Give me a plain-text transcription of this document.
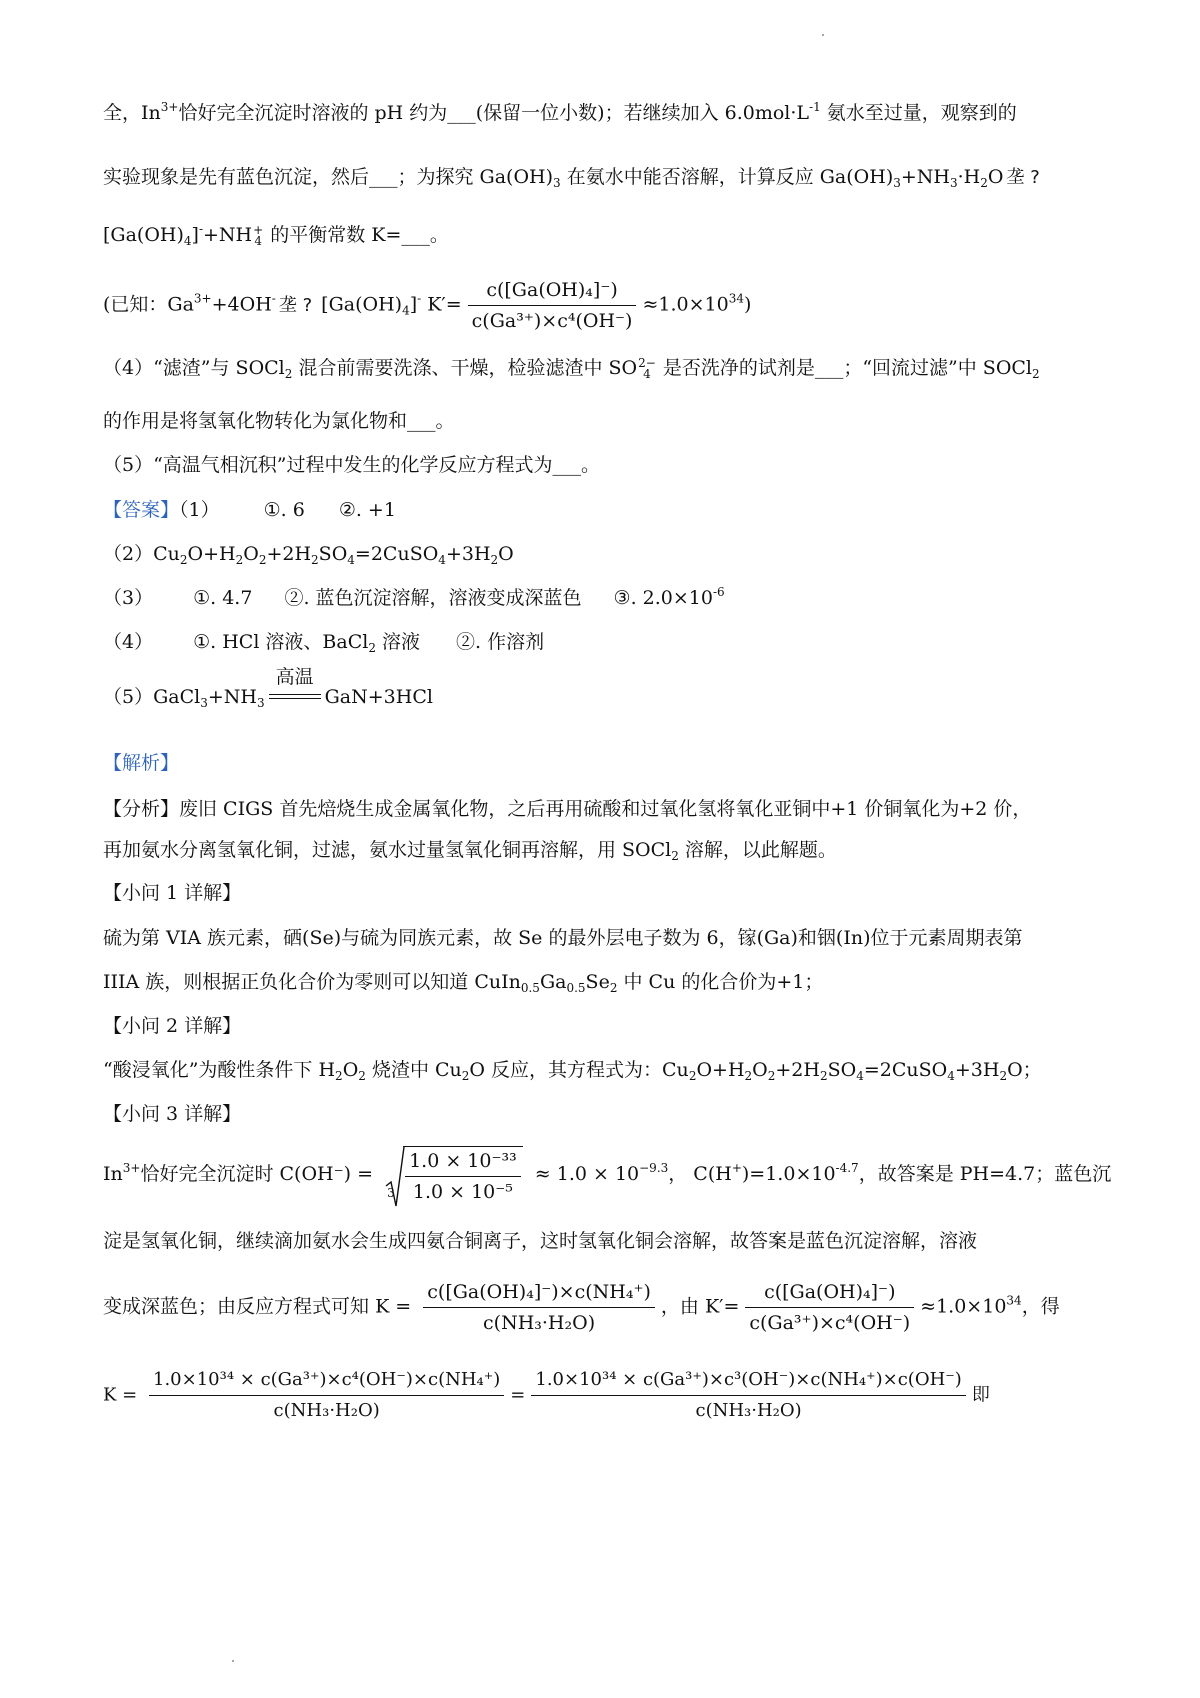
全，$In^{3+}$恰好完全沉淀时溶液的 pH 约为___(保留一位小数)；若继续加入 $6.0mol\cdot L^{-1}$ 氨水至过量，观察到的
实验现象是先有蓝色沉淀，然后___；为探究 $Ga(OH)_3$ 在氨水中能否溶解，计算反应 $Ga(OH)_3+NH_3\cdot H_2O$ 垄 ?
$[Ga(OH)_4]^-+NH$ +
4 的平衡常数 K=___。
(已知：$Ga^{3+}+4OH^-$ 垄 ? $[Ga(OH)_4]^-$ $K'= \frac{\text{c([Ga(OH)₄]⁻)}}{\text{c(Ga³⁺)×c⁴(OH⁻)}} \approx 1.0\times 10^{34}$)
（4）“滤渣”与 SOCl$_2$ 混合前需要洗涤、干燥，检验滤渣中 SO 2−
4 是否洗净的试剂是___；“回流过滤”中 SOCl$_2$
的作用是将氢氧化物转化为氯化物和___。
（5）“高温气相沉积”过程中发生的化学反应方程式为___。
【答案】（1） ①. 6 ②. +1
$(2)Cu_2O+H_2O_2+2H_2SO_4=2CuSO_4+3H_2O$
（3） ①. 4.7 ②. 蓝色沉淀溶解，溶液变成深蓝色 ③. $2.0\times 10^{-6}$
（4） ①. HCl 溶液、BaCl$_2$ 溶液 ②. 作溶剂
$(5)GaCl_3+NH_3$
高温
GaN+3HCl
【解析】
【分析】废旧 CIGS 首先焙烧生成金属氧化物，之后再用硫酸和过氧化氢将氧化亚铜中+1 价铜氧化为+2 价，
再加氨水分离氢氧化铜，过滤，氨水过量氢氧化铜再溶解，用 SOCl$_2$ 溶解，以此解题。
【小问 1 详解】
硫为第 VIA 族元素，硒(Se)与硫为同族元素，故 Se 的最外层电子数为 6，镓(Ga)和铟(In)位于元素周期表第
IIIA 族，则根据正负化合价为零则可以知道 $CuIn_{0.5}Ga_{0.5}Se_2$ 中 Cu 的化合价为+1；
【小问 2 详解】
“酸浸氧化”为酸性条件下 $H_2O_2$ 烧渣中 $Cu_2O$ 反应，其方程式为：$Cu_2O+H_2O_2+2H_2SO_4=2CuSO_4+3H_2O$；
【小问 3 详解】
$In^{3+}$恰好完全沉淀时 C(OH⁻) =
$3 \frac{\text{1.0 × 10⁻³³}}{\text{1.0 × 10⁻⁵}} \approx 1.0 \times 10^{-9.3}$， $C(H^+)=1.0\times 10^{-4.7}$，故答案是 PH=4.7；蓝色沉
淀是氢氧化铜，继续滴加氨水会生成四氨合铜离子，这时氢氧化铜会溶解，故答案是蓝色沉淀溶解，溶液
变成深蓝色；由反应方程式可知 $K = \frac{\text{c([Ga(OH)₄]⁻)×c(NH₄⁺)}}{\text{c(NH₃·H₂O)}}$ ，由 $K'= \frac{\text{c([Ga(OH)₄]⁻)}}{\text{c(Ga³⁺)×c⁴(OH⁻)}} \approx 1.0\times 10^{34}$，得
$K = \frac{\text{1.0×10³⁴ × c(Ga³⁺)×c⁴(OH⁻)×c(NH₄⁺)}}{\text{c(NH₃·H₂O)}} = \frac{\text{1.0×10³⁴ × c(Ga³⁺)×c³(OH⁻)×c(NH₄⁺)×c(OH⁻)}}{\text{c(NH₃·H₂O)}}$ 即
